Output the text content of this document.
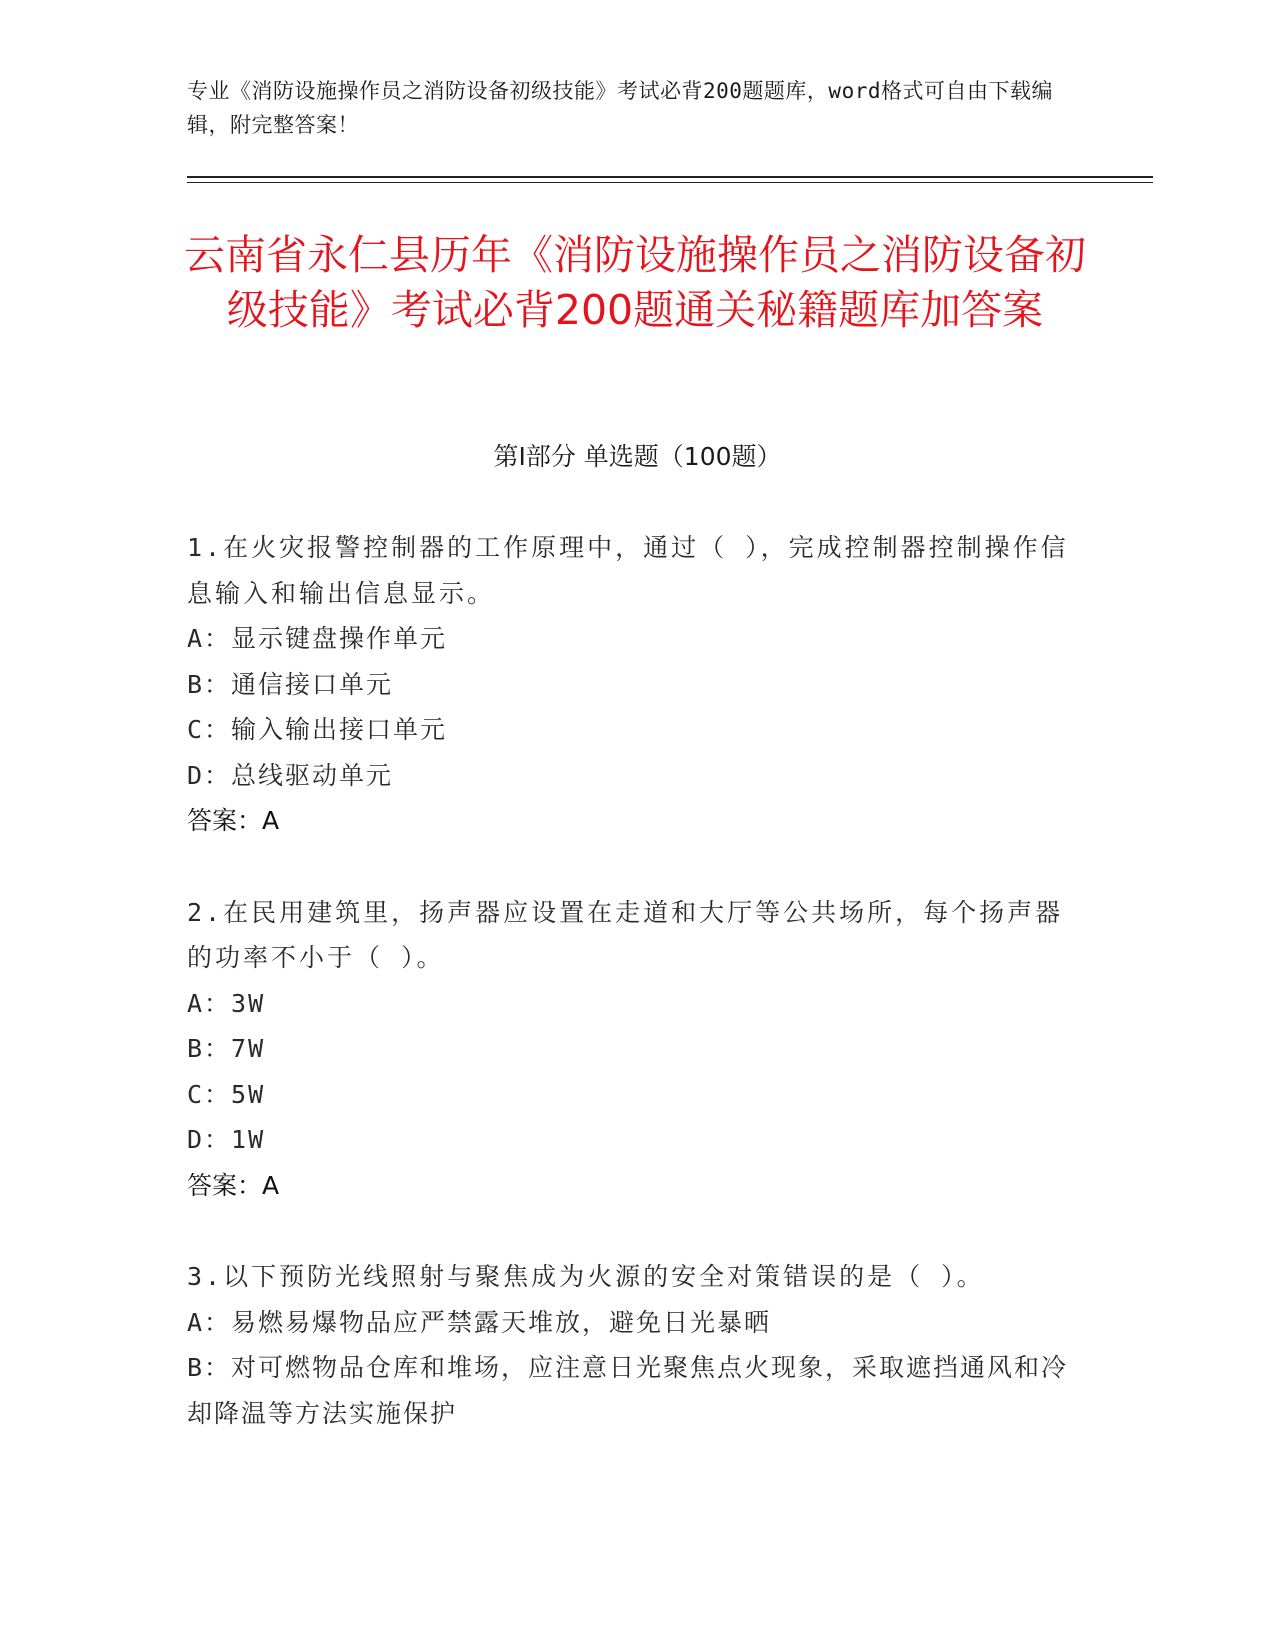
专业《消防设施操作员之消防设备初级技能》考试必背200题题库，word格式可自由下载编辑，附完整答案！
云南省永仁县历年《消防设施操作员之消防设备初级技能》考试必背200题通关秘籍题库加答案
第Ⅰ部分 单选题（100题）
1.在火灾报警控制器的工作原理中，通过（ ），完成控制器控制操作信息输入和输出信息显示。
A：显示键盘操作单元
B：通信接口单元
C：输入输出接口单元
D：总线驱动单元
答案：A
2.在民用建筑里，扬声器应设置在走道和大厅等公共场所，每个扬声器的功率不小于（ ）。
A：3W
B：7W
C：5W
D：1W
答案：A
3.以下预防光线照射与聚焦成为火源的安全对策错误的是（ ）。
A：易燃易爆物品应严禁露天堆放，避免日光暴晒
B：对可燃物品仓库和堆场，应注意日光聚焦点火现象，采取遮挡通风和冷却降温等方法实施保护
